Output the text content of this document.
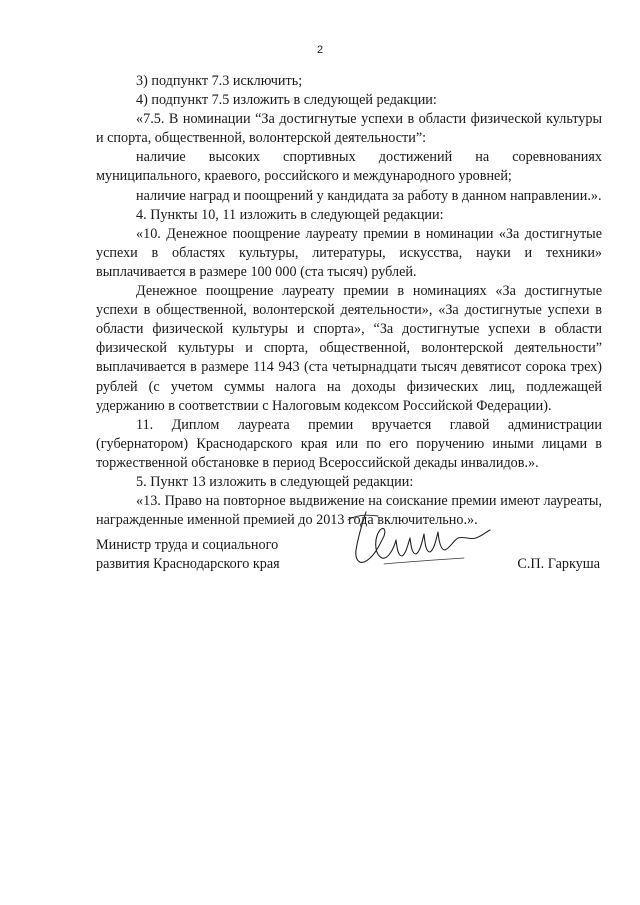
2

3) подпункт 7.3 исключить;

4) подпункт 7.5 изложить в следующей редакции:

«7.5. В номинации “За достигнутые успехи в области физической культуры и спорта, общественной, волонтерской деятельности”:

наличие высоких спортивных достижений на соревнованиях муниципального, краевого, российского и международного уровней;

наличие наград и поощрений у кандидата за работу в данном направлении.».

4. Пункты 10, 11 изложить в следующей редакции:

«10. Денежное поощрение лауреату премии в номинации «За достигнутые успехи в областях культуры, литературы, искусства, науки и техники» выплачивается в размере 100 000 (ста тысяч) рублей.

Денежное поощрение лауреату премии в номинациях «За достигнутые успехи в общественной, волонтерской деятельности», «За достигнутые успехи в области физической культуры и спорта», “За достигнутые успехи в области физической культуры и спорта, общественной, волонтерской деятельности” выплачивается в размере 114 943 (ста четырнадцати тысяч девятисот сорока трех) рублей (с учетом суммы налога на доходы физических лиц, подлежащей удержанию в соответствии с Налоговым кодексом Российской Федерации).

11. Диплом лауреата премии вручается главой администрации (губернатором) Краснодарского края или по его поручению иными лицами в торжественной обстановке в период Всероссийской декады инвалидов.».

5. Пункт 13 изложить в следующей редакции:

«13. Право на повторное выдвижение на соискание премии имеют лауреаты, награжденные именной премией до 2013 года включительно.».

Министр труда и социального
развития Краснодарского края	С.П. Гаркуша
